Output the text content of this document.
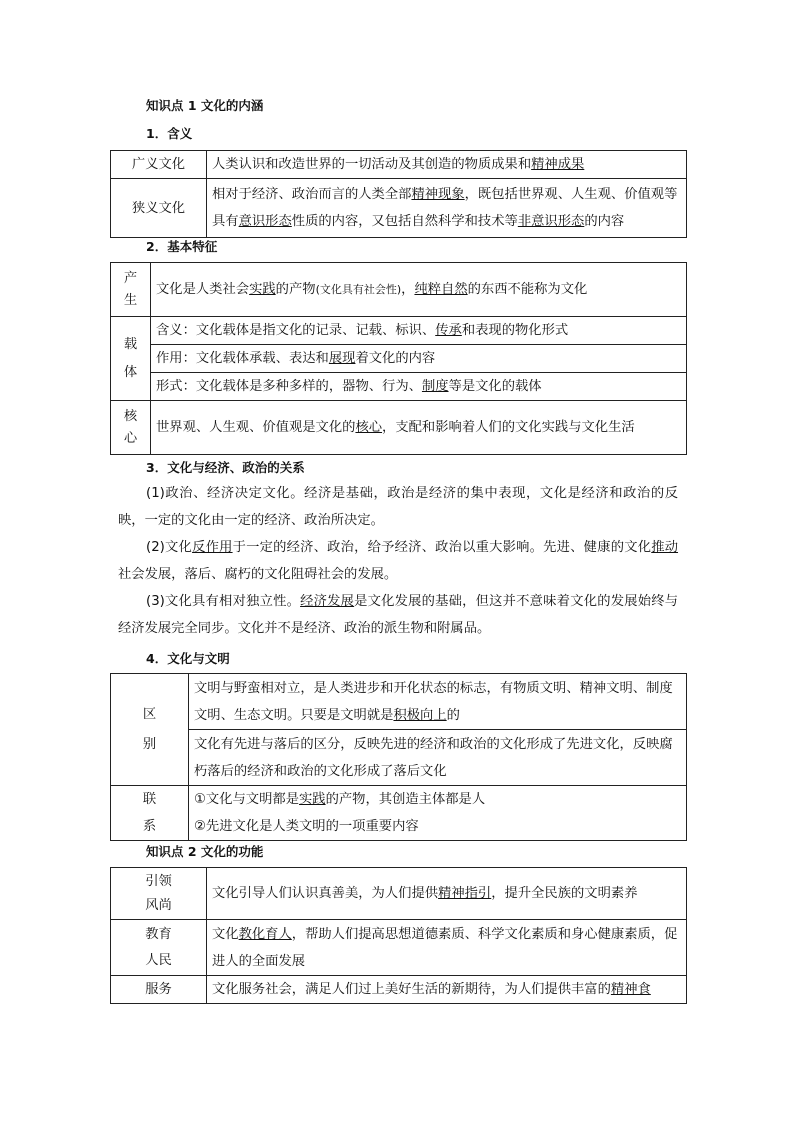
知识点 1 文化的内涵
1．含义
广义文化	人类认识和改造世界的一切活动及其创造的物质成果和精神成果
狭义文化	相对于经济、政治而言的人类全部精神现象，既包括世界观、人生观、价值观等具有意识形态性质的内容，又包括自然科学和技术等非意识形态的内容
2．基本特征
产
生	文化是人类社会实践的产物(文化具有社会性)，纯粹自然的东西不能称为文化
载
体	含义：文化载体是指文化的记录、记载、标识、传承和表现的物化形式
	作用：文化载体承载、表达和展现着文化的内容
	形式：文化载体是多种多样的，器物、行为、制度等是文化的载体
核
心	世界观、人生观、价值观是文化的核心，支配和影响着人们的文化实践与文化生活
3．文化与经济、政治的关系

(1)政治、经济决定文化。经济是基础，政治是经济的集中表现，文化是经济和政治的反映，一定的文化由一定的经济、政治所决定。

(2)文化反作用于一定的经济、政治，给予经济、政治以重大影响。先进、健康的文化推动社会发展，落后、腐朽的文化阻碍社会的发展。

(3)文化具有相对独立性。经济发展是文化发展的基础，但这并不意味着文化的发展始终与经济发展完全同步。文化并不是经济、政治的派生物和附属品。

4．文化与文明
区
别	文明与野蛮相对立，是人类进步和开化状态的标志，有物质文明、精神文明、制度文明、生态文明。只要是文明就是积极向上的
	文化有先进与落后的区分，反映先进的经济和政治的文化形成了先进文化，反映腐朽落后的经济和政治的文化形成了落后文化
联
系	①文化与文明都是实践的产物，其创造主体都是人
	②先进文化是人类文明的一项重要内容
知识点 2 文化的功能
引领
风尚	文化引导人们认识真善美，为人们提供精神指引，提升全民族的文明素养
教育
人民	文化教化育人，帮助人们提高思想道德素质、科学文化素质和身心健康素质，促进人的全面发展
服务	文化服务社会，满足人们过上美好生活的新期待，为人们提供丰富的精神食
